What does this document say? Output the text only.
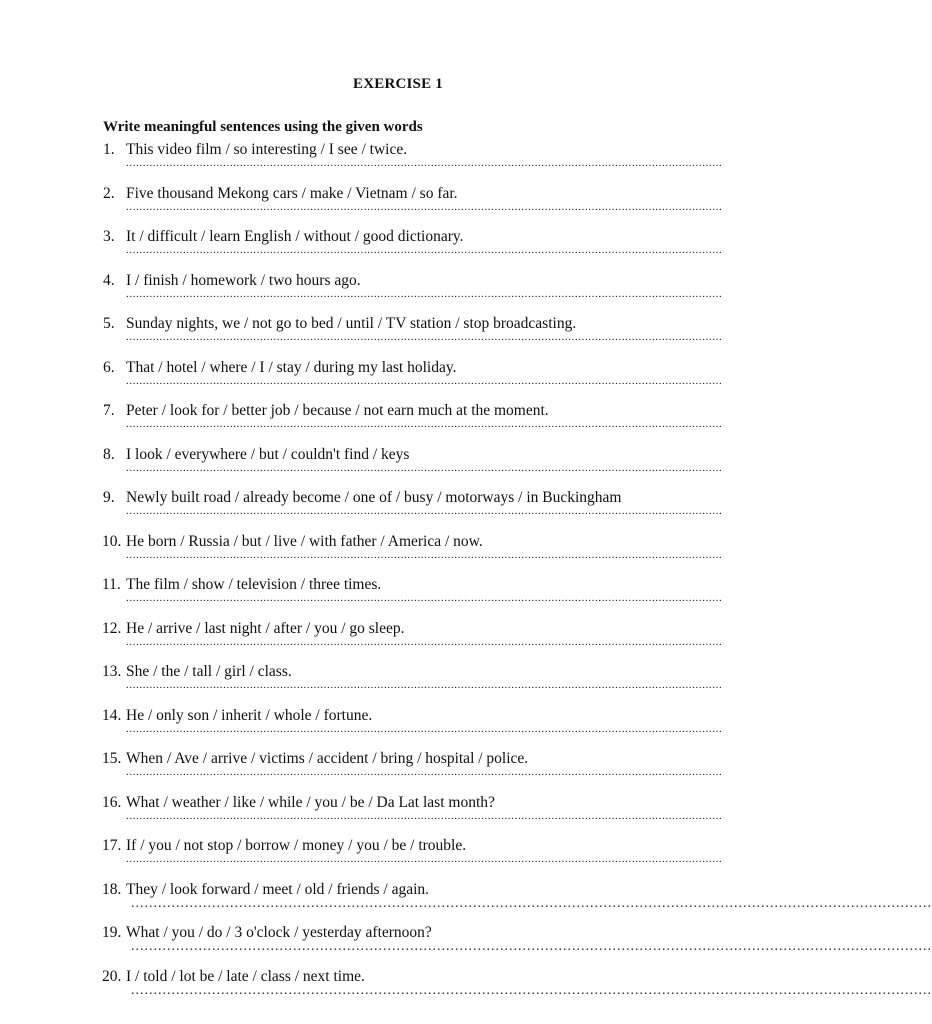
EXERCISE 1
Write meaningful sentences using the given words
1. This video film / so interesting / I see / twice.
..................................................................................................................................................................................
2. Five thousand Mekong cars / make / Vietnam / so far.
..................................................................................................................................................................................
3. It / difficult / learn English / without / good dictionary.
..................................................................................................................................................................................
4. I / finish / homework / two hours ago.
..................................................................................................................................................................................
5. Sunday nights, we / not go to bed / until / TV station / stop broadcasting.
..................................................................................................................................................................................
6. That / hotel / where / I / stay / during my last holiday.
..................................................................................................................................................................................
7. Peter / look for / better job / because / not earn much at the moment.
..................................................................................................................................................................................
8. I look / everywhere / but / couldn't find / keys
..................................................................................................................................................................................
9. Newly built road / already become / one of / busy / motorways / in Buckingham
..................................................................................................................................................................................
10. He born / Russia / but / live / with father / America / now.
..................................................................................................................................................................................
11. The film / show / television / three times.
..................................................................................................................................................................................
12. He / arrive / last night / after / you / go sleep.
..................................................................................................................................................................................
13. She / the / tall / girl / class.
..................................................................................................................................................................................
14. He / only son / inherit / whole / fortune.
..................................................................................................................................................................................
15. When / Ave / arrive / victims / accident / bring / hospital / police.
..................................................................................................................................................................................
16. What / weather / like / while / you / be / Da Lat last month?
..................................................................................................................................................................................
17. If / you / not stop / borrow / money / you / be / trouble.
..................................................................................................................................................................................
18. They / look forward / meet / old / friends / again.
..................................................................................................................................................................................
19. What / you / do / 3 o'clock / yesterday afternoon?
..................................................................................................................................................................................
20. I / told / lot be / late / class / next time.
..................................................................................................................................................................................
